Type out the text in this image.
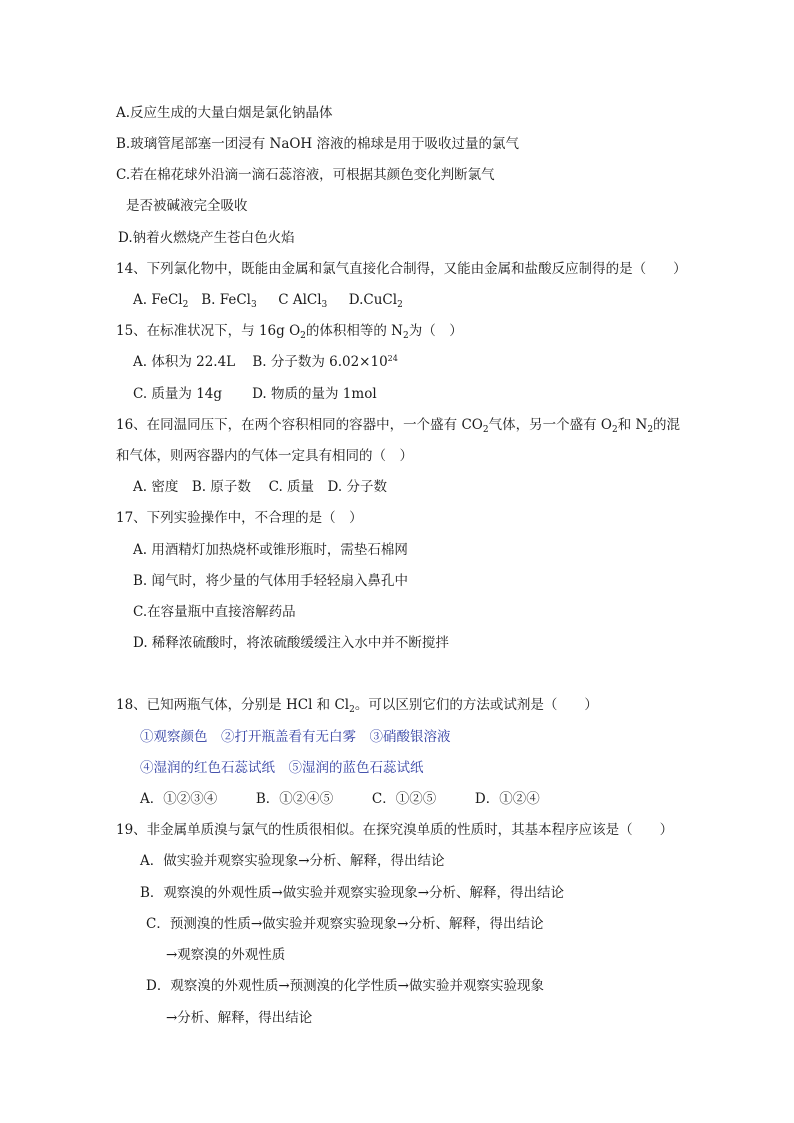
A.反应生成的大量白烟是氯化钠晶体
B.玻璃管尾部塞一团浸有 NaOH 溶液的棉球是用于吸收过量的氯气
C.若在棉花球外沿滴一滴石蕊溶液，可根据其颜色变化判断氯气
是否被碱液完全吸收
D.钠着火燃烧产生苍白色火焰
14、下列氯化物中，既能由金属和氯气直接化合制得，又能由金属和盐酸反应制得的是（　　）
A. FeCl$_2$ B. FeCl$_3$ C AlCl$_3$ D.CuCl$_2$
15、在标准状况下，与 16g $O_2$的体积相等的 $N_2$为（　）
A. 体积为 22.4L B. 分子数为 $6.02\times 10^{24}$
C. 质量为 14g D. 物质的量为 1mol
16、在同温同压下，在两个容积相同的容器中，一个盛有 $CO_2$气体，另一个盛有 $O_2$和 $N_2$的混
和气体，则两容器内的气体一定具有相同的（　）
A. 密度　B. 原子数　 C. 质量　D. 分子数
17、下列实验操作中，不合理的是（　）
A. 用酒精灯加热烧杯或锥形瓶时，需垫石棉网
B. 闻气时，将少量的气体用手轻轻扇入鼻孔中
C.在容量瓶中直接溶解药品
D. 稀释浓硫酸时，将浓硫酸缓缓注入水中并不断搅拌
18、已知两瓶气体，分别是 HCl 和 $Cl_2$。可以区别它们的方法或试剂是（　　）
①观察颜色　②打开瓶盖看有无白雾　③硝酸银溶液
④湿润的红色石蕊试纸　⑤湿润的蓝色石蕊试纸
A．①②③④	B．①②④⑤	C．①②⑤	D．①②④
19、非金属单质溴与氯气的性质很相似。在探究溴单质的性质时，其基本程序应该是（　　）
A．做实验并观察实验现象→分析、解释，得出结论
B．观察溴的外观性质→做实验并观察实验现象→分析、解释，得出结论
C．预测溴的性质→做实验并观察实验现象→分析、解释，得出结论
→观察溴的外观性质
D．观察溴的外观性质→预测溴的化学性质→做实验并观察实验现象
→分析、解释，得出结论
